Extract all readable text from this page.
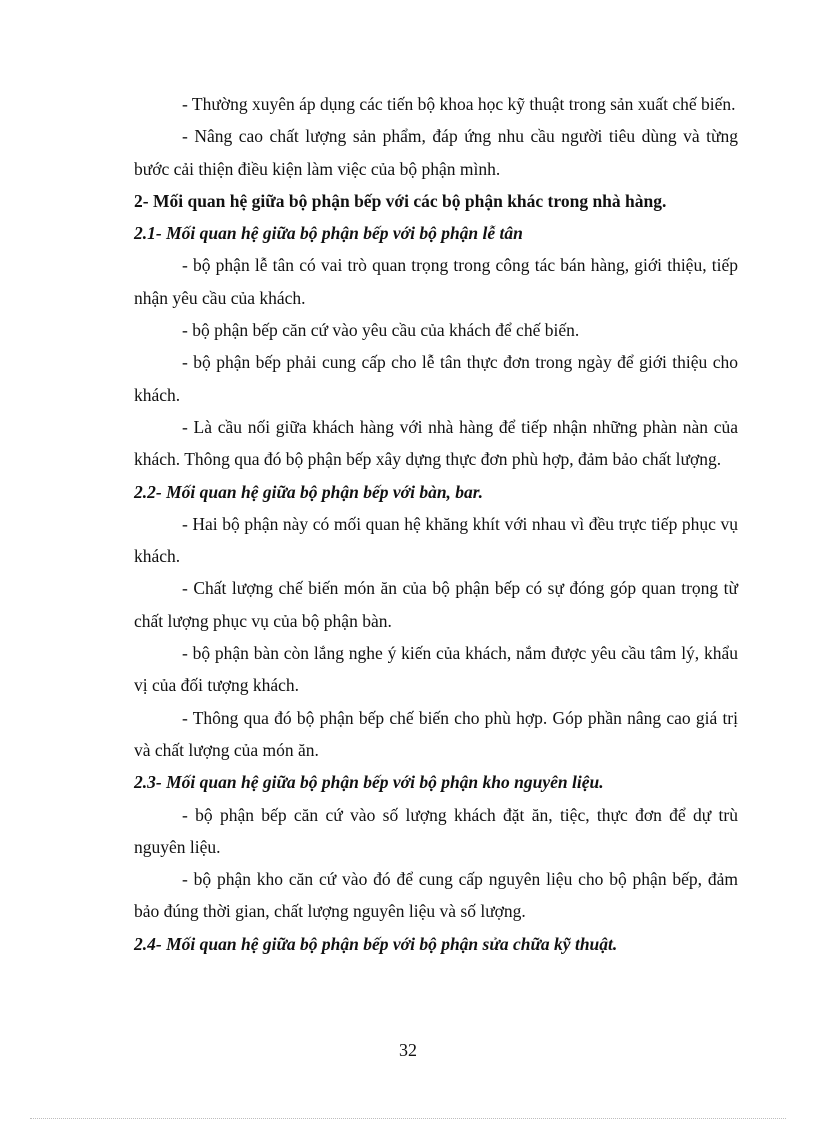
- Thường xuyên áp dụng các tiến bộ khoa học kỹ thuật trong sản xuất chế biến.

- Nâng cao chất lượng sản phẩm, đáp ứng nhu cầu người tiêu dùng và từng bước cải thiện điều kiện làm việc của bộ phận mình.

2- Mối quan hệ giữa bộ phận bếp với các bộ phận khác trong nhà hàng.

2.1- Mối quan hệ giữa bộ phận bếp với bộ phận lễ tân

- bộ phận lễ tân có vai trò quan trọng trong công tác bán hàng, giới thiệu, tiếp nhận yêu cầu của khách.

- bộ phận bếp căn cứ vào yêu cầu của khách để chế biến.

- bộ phận bếp phải cung cấp cho lễ tân thực đơn trong ngày để giới thiệu cho khách.

- Là cầu nối giữa khách hàng với nhà hàng để tiếp nhận những phàn nàn của khách. Thông qua đó bộ phận bếp xây dựng thực đơn phù hợp, đảm bảo chất lượng.

2.2- Mối quan hệ giữa bộ phận bếp với bàn, bar.

- Hai bộ phận này có mối quan hệ khăng khít với nhau vì đều trực tiếp phục vụ khách.

- Chất lượng chế biến món ăn của bộ phận bếp có sự đóng góp quan trọng từ chất lượng phục vụ của bộ phận bàn.

- bộ phận bàn còn lắng nghe ý kiến của khách, nắm được yêu cầu tâm lý, khẩu vị của đối tượng khách.

- Thông qua đó bộ phận bếp chế biến cho phù hợp. Góp phần nâng cao giá trị và chất lượng của món ăn.

2.3- Mối quan hệ giữa bộ phận bếp với bộ phận kho nguyên liệu.

- bộ phận bếp căn cứ vào số lượng khách đặt ăn, tiệc, thực đơn để dự trù nguyên liệu.

- bộ phận kho căn cứ vào đó để cung cấp nguyên liệu cho bộ phận bếp, đảm bảo đúng thời gian, chất lượng nguyên liệu và số lượng.

2.4- Mối quan hệ giữa bộ phận bếp với bộ phận sửa chữa kỹ thuật.

32
